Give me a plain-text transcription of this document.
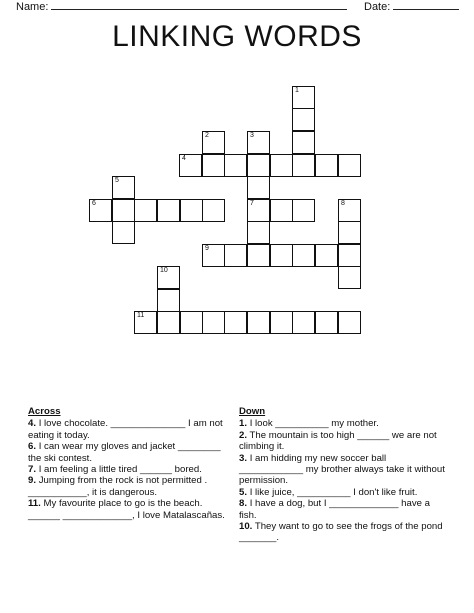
Name:	Date:
LINKING WORDS
1
2	3
4
5
6	7	8
9
10
11
Across
4. I love chocolate. ______________ I am not eating it today.
6. I can wear my gloves and jacket ________ the ski contest.
7. I am feeling a little tired ______ bored.
9. Jumping from the rock is not permitted . ___________, it is dangerous.
11. My favourite place to go is the beach. ______ _____________, I love Matalascañas.
Down
1. I look __________ my mother.
2. The mountain is too high ______ we are not climbing it.
3. I am hidding my new soccer ball ____________ my brother always take it without permission.
5. I like juice, __________ I don't like fruit.
8. I have a dog, but I _____________ have a fish.
10. They want to go to see the frogs of the pond _______.
